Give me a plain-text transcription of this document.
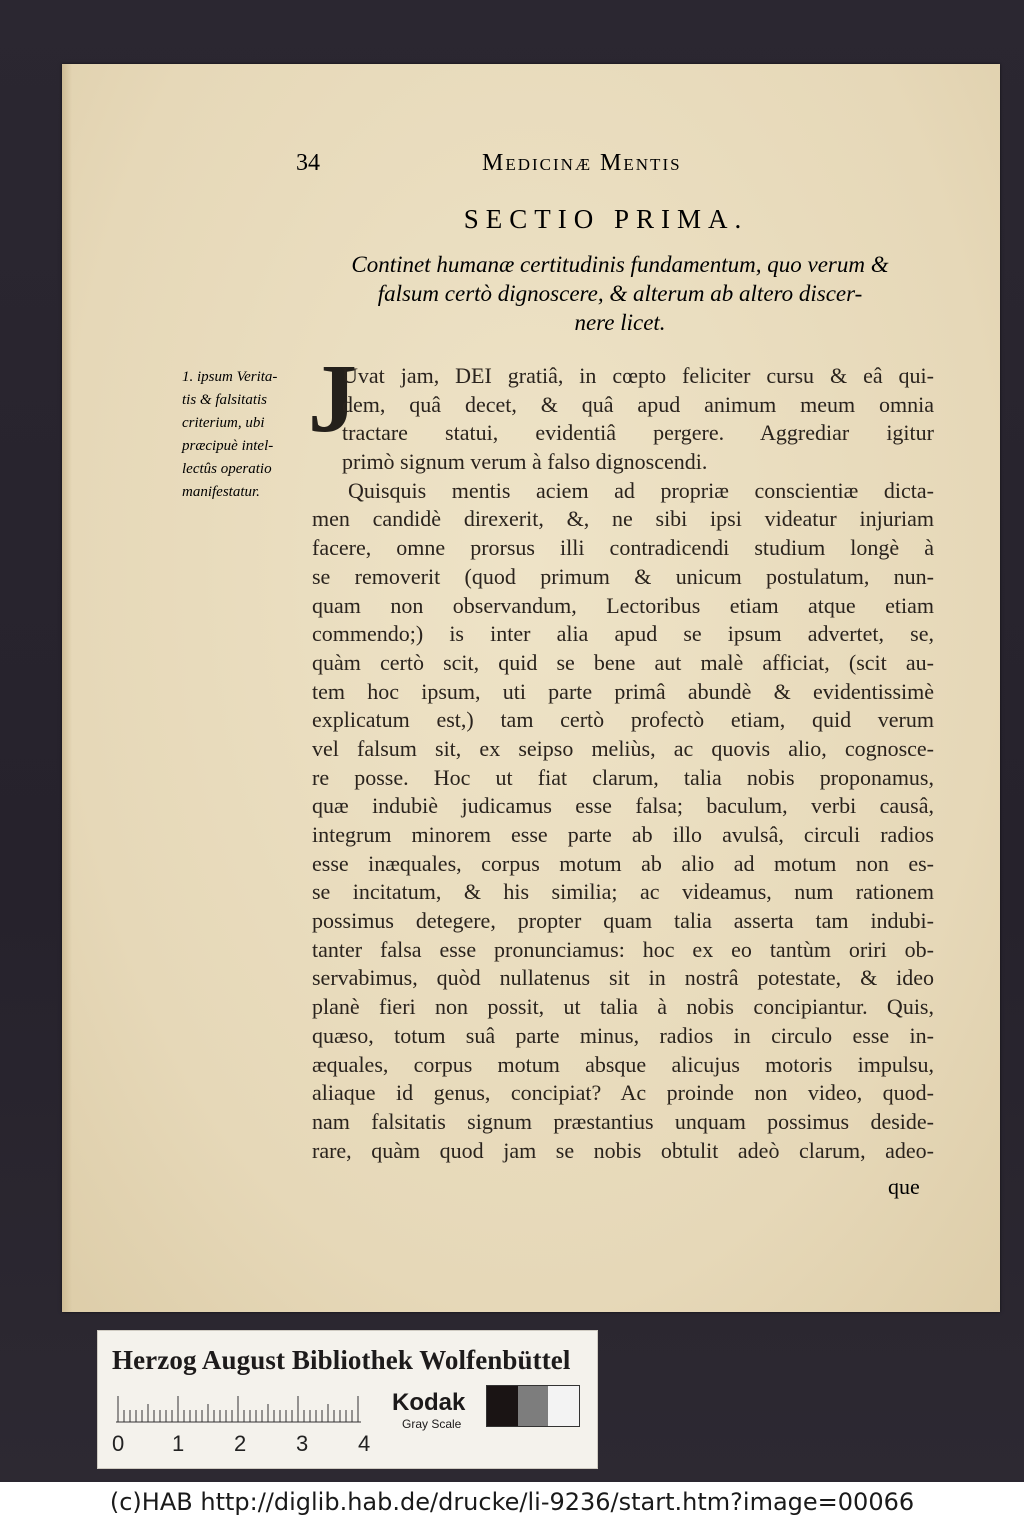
34	Medicinæ Mentis
SECTIO PRIMA.
Continet humanæ certitudinis fundamentum, quo verum &
falsum certò dignoscere, & alterum ab altero discer-
nere licet.
1. ipsum Verita-
tis & falsitatis
criterium, ubi
præcipuè intel-
lectûs operatio
manifestatur.
J
Uvat jam, DEI gratiâ, in cœpto feliciter cursu & eâ qui-
dem, quâ decet, & quâ apud animum meum omnia
tractare statui, evidentiâ pergere. Aggrediar igitur
primò signum verum à falso dignoscendi.
Quisquis mentis aciem ad propriæ conscientiæ dicta-
men candidè direxerit, &, ne sibi ipsi videatur injuriam
facere, omne prorsus illi contradicendi studium longè à
se removerit (quod primum & unicum postulatum, nun-
quam non observandum, Lectoribus etiam atque etiam
commendo;) is inter alia apud se ipsum advertet, se,
quàm certò scit, quid se bene aut malè afficiat, (scit au-
tem hoc ipsum, uti parte primâ abundè & evidentissimè
explicatum est,) tam certò profectò etiam, quid verum
vel falsum sit, ex seipso meliùs, ac quovis alio, cognosce-
re posse. Hoc ut fiat clarum, talia nobis proponamus,
quæ indubiè judicamus esse falsa; baculum, verbi causâ,
integrum minorem esse parte ab illo avulsâ, circuli radios
esse inæquales, corpus motum ab alio ad motum non es-
se incitatum, & his similia; ac videamus, num rationem
possimus detegere, propter quam talia asserta tam indubi-
tanter falsa esse pronunciamus: hoc ex eo tantùm oriri ob-
servabimus, quòd nullatenus sit in nostrâ potestate, & ideo
planè fieri non possit, ut talia à nobis concipiantur. Quis,
quæso, totum suâ parte minus, radios in circulo esse in-
æquales, corpus motum absque alicujus motoris impulsu,
aliaque id genus, concipiat? Ac proinde non video, quod-
nam falsitatis signum præstantius unquam possimus deside-
rare, quàm quod jam se nobis obtulit adeò clarum, adeo-
que
Herzog August Bibliothek Wolfenbüttel
0 1 2 3 4
Kodak
Gray Scale
(c)HAB http://diglib.hab.de/drucke/li-9236/start.htm?image=00066
